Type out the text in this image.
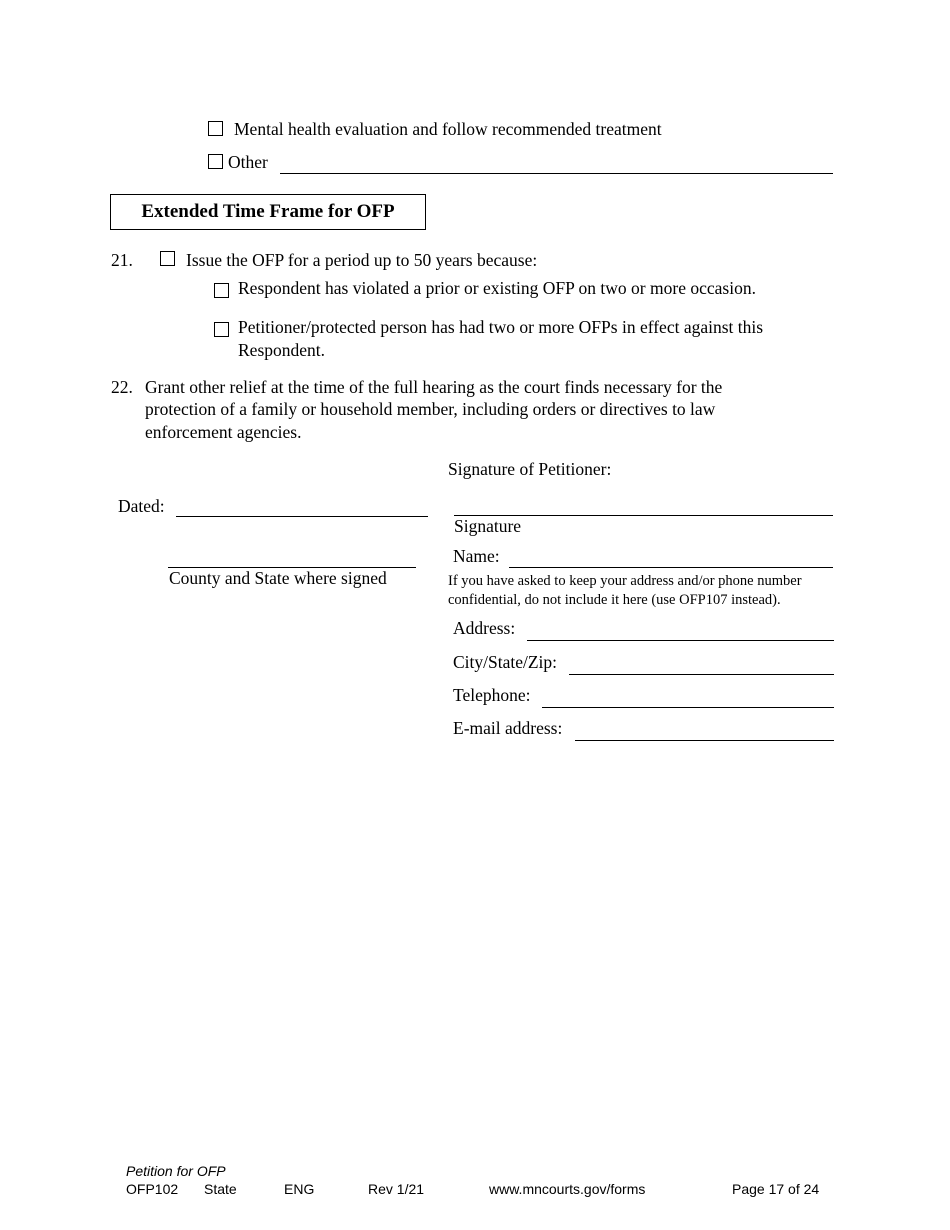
Mental health evaluation and follow recommended treatment
Other
Extended Time Frame for OFP
21.	Issue the OFP for a period up to 50 years because:
Respondent has violated a prior or existing OFP on two or more occasion.
Petitioner/protected person has had two or more OFPs in effect against this
Respondent.
22. Grant other relief at the time of the full hearing as the court finds necessary for the
protection of a family or household member, including orders or directives to law
enforcement agencies.
Signature of Petitioner:
Dated:
Signature
County and State where signed
Name:
If you have asked to keep your address and/or phone number
confidential, do not include it here (use OFP107 instead).
Address:
City/State/Zip:
Telephone:
E-mail address:
Petition for OFP
OFP102 State	ENG	Rev 1/21	www.mncourts.gov/forms	Page 17 of 24
